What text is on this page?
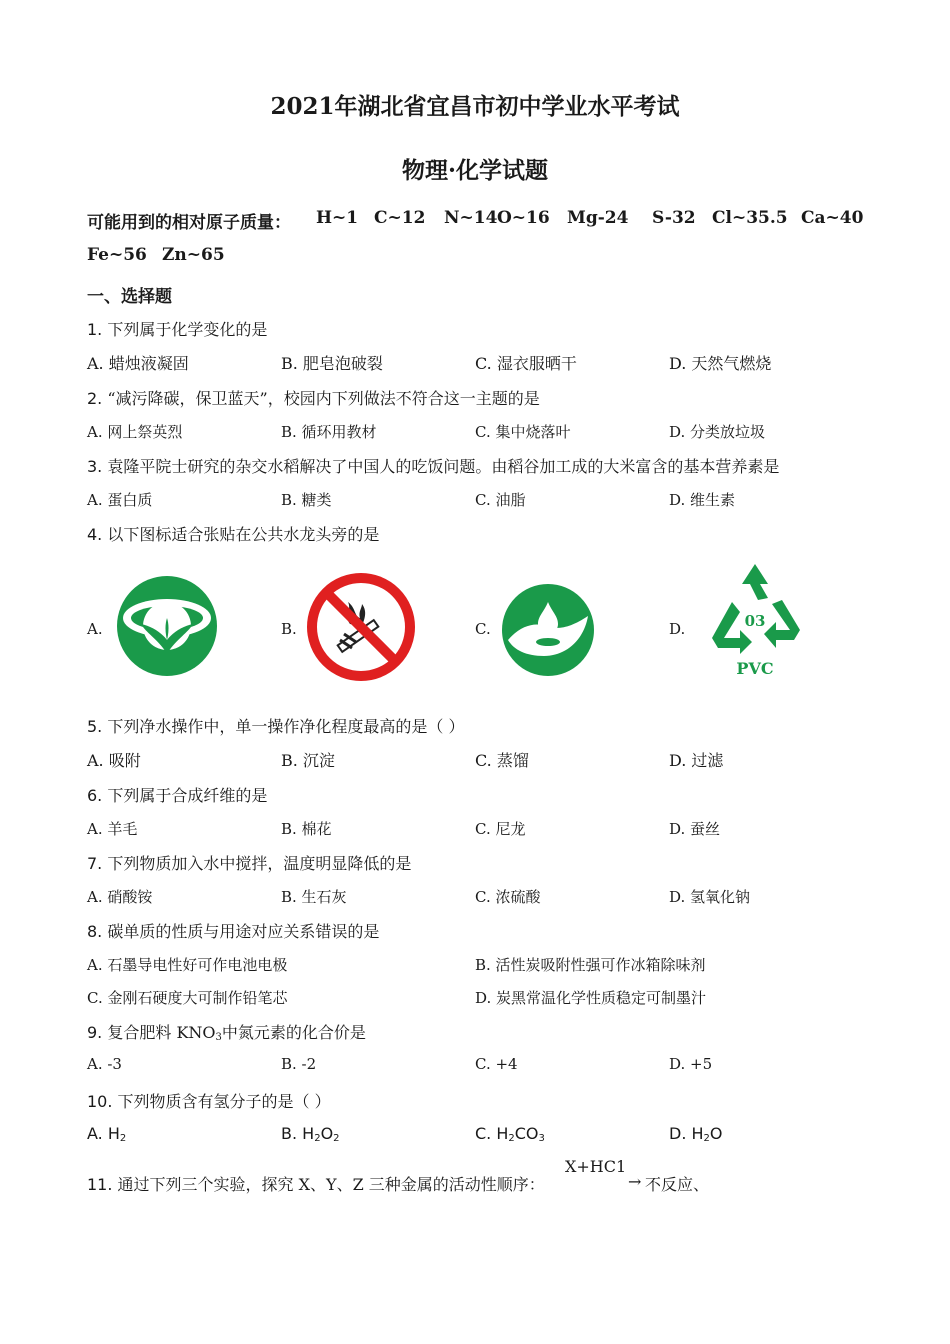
2021年湖北省宜昌市初中学业水平考试
物理·化学试题
可能用到的相对原子质量： H~1 C~12 N~14 O~16 Mg-24 S-32 Cl~35.5 Ca~40
Fe~56 Zn~65
一、选择题
1. 下列属于化学变化的是
A. 蜡烛液凝固	B. 肥皂泡破裂	C. 湿衣服晒干	D. 天然气燃烧
2. “减污降碳，保卫蓝天”，校园内下列做法不符合这一主题的是
A. 网上祭英烈	B. 循环用教材	C. 集中烧落叶	D. 分类放垃圾
3. 袁隆平院士研究的杂交水稻解决了中国人的吃饭问题。由稻谷加工成的大米富含的基本营养素是
A. 蛋白质	B. 糖类	C. 油脂	D. 维生素
4. 以下图标适合张贴在公共水龙头旁的是
A.	B.	C.	D.	03
PVC
5. 下列净水操作中，单一操作净化程度最高的是（ ）
A. 吸附	B. 沉淀	C. 蒸馏	D. 过滤
6. 下列属于合成纤维的是
A. 羊毛	B. 棉花	C. 尼龙	D. 蚕丝
7. 下列物质加入水中搅拌，温度明显降低的是
A. 硝酸铵	B. 生石灰	C. 浓硫酸	D. 氢氧化钠
8. 碳单质的性质与用途对应关系错误的是
A. 石墨导电性好可作电池电极	B. 活性炭吸附性强可作冰箱除味剂
C. 金刚石硬度大可制作铅笔芯	D. 炭黑常温化学性质稳定可制墨汁
9. 复合肥料 $KNO_3$中氮元素的化合价是
A. -3	B. -2	C. +4	D. +5
10. 下列物质含有氢分子的是（ ）
A. $H_2$	B. $H_2O_2$	C. $H_2CO_3$	D. $H_2O$
11. 通过下列三个实验，探究 X、Y、Z 三种金属的活动性顺序：
X+HC1
→ 不反应、
